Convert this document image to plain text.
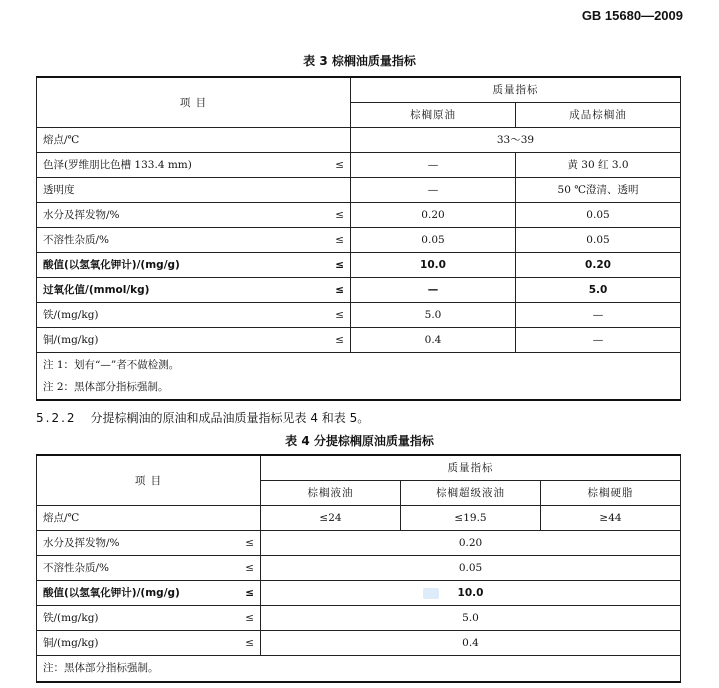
GB 15680—2009
表 3 棕榈油质量指标
项 目		质量指标	
		棕榈原油	成品棕榈油
熔点/℃		33～39	
色泽(罗维朋比色槽 133.4 mm)	≤	—	黄 30 红 3.0
透明度		—	50 ℃澄清、透明
水分及挥发物/%	≤	0.20	0.05
不溶性杂质/%	≤	0.05	0.05
酸值(以氢氧化钾计)/(mg/g)	≤	10.0	0.20
过氧化值/(mmol/kg)	≤	—	5.0
铁/(mg/kg)	≤	5.0	—
铜/(mg/kg)	≤	0.4	—

注 1：划有“—”者不做检测。
注 2：黑体部分指标强制。			
5.2.2 分提棕榈油的原油和成品油质量指标见表 4 和表 5。
表 4 分提棕榈原油质量指标
项 目		质量指标		
		棕榈液油	棕榈超级液油	棕榈硬脂
熔点/℃		≤24	≤19.5	≥44
水分及挥发物/%	≤	0.20		
不溶性杂质/%	≤	0.05		
酸值(以氢氧化钾计)/(mg/g)	≤	10.0		
铁/(mg/kg)	≤	5.0		
铜/(mg/kg)	≤	0.4		
注：黑体部分指标强制。				
